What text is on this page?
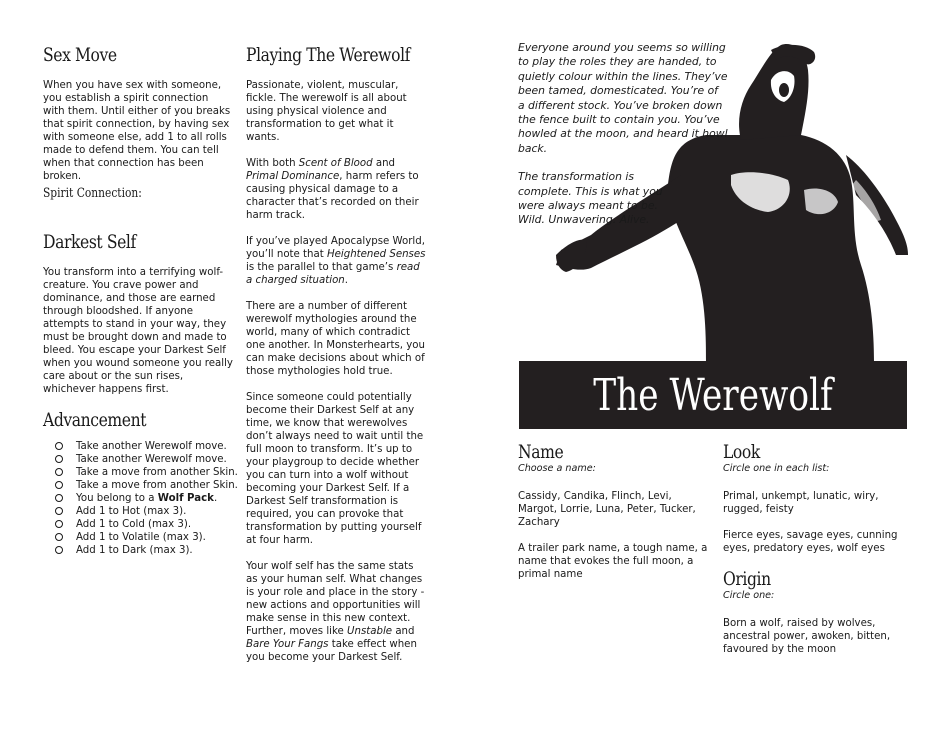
Sex Move

When you have sex with someone, you establish a spirit connection with them. Until either of you breaks that spirit connection, by having sex with someone else, add 1 to all rolls made to defend them. You can tell when that connection has been broken.

Spirit Connection:
Darkest Self

You transform into a terrifying wolf-creature. You crave power and dominance, and those are earned through bloodshed. If anyone attempts to stand in your way, they must be brought down and made to bleed. You escape your Darkest Self when you wound someone you really care about or the sun rises, whichever happens first.

Advancement
Take another Werewolf move.
Take another Werewolf move.
Take a move from another Skin.
Take a move from another Skin.
You belong to a Wolf Pack.
Add 1 to Hot (max 3).
Add 1 to Cold (max 3).
Add 1 to Volatile (max 3).
Add 1 to Dark (max 3).
Playing The Werewolf

Passionate, violent, muscular, fickle. The werewolf is all about using physical violence and transformation to get what it wants.

With both Scent of Blood and Primal Dominance, harm refers to causing physical damage to a character that’s recorded on their harm track.

If you’ve played Apocalypse World, you’ll note that Heightened Senses is the parallel to that game’s read a charged situation.

There are a number of different werewolf mythologies around the world, many of which contradict one another. In Monsterhearts, you can make decisions about which of those mythologies hold true.

Since someone could potentially become their Darkest Self at any time, we know that werewolves don’t always need to wait until the full moon to transform. It’s up to your playgroup to decide whether you can turn into a wolf without becoming your Darkest Self. If a Darkest Self transformation is required, you can provoke that transformation by putting yourself at four harm.

Your wolf self has the same stats as your human self. What changes is your role and place in the story - new actions and opportunities will make sense in this new context. Further, moves like Unstable and Bare Your Fangs take effect when you become your Darkest Self.

Everyone around you seems so willing to play the roles they are handed, to quietly colour within the lines. They’ve been tamed, domesticated. You’re of a different stock. You’ve broken down the fence built to contain you. You’ve howled at the moon, and heard it howl back.

The transformation is complete. This is what you were always meant to be. Wild. Unwavering. Alive.

The Werewolf
Name
Choose a name:

Cassidy, Candika, Flinch, Levi, Margot, Lorrie, Luna, Peter, Tucker, Zachary

A trailer park name, a tough name, a name that evokes the full moon, a primal name

Look
Circle one in each list:

Primal, unkempt, lunatic, wiry, rugged, feisty

Fierce eyes, savage eyes, cunning eyes, predatory eyes, wolf eyes

Origin
Circle one:

Born a wolf, raised by wolves, ancestral power, awoken, bitten, favoured by the moon
